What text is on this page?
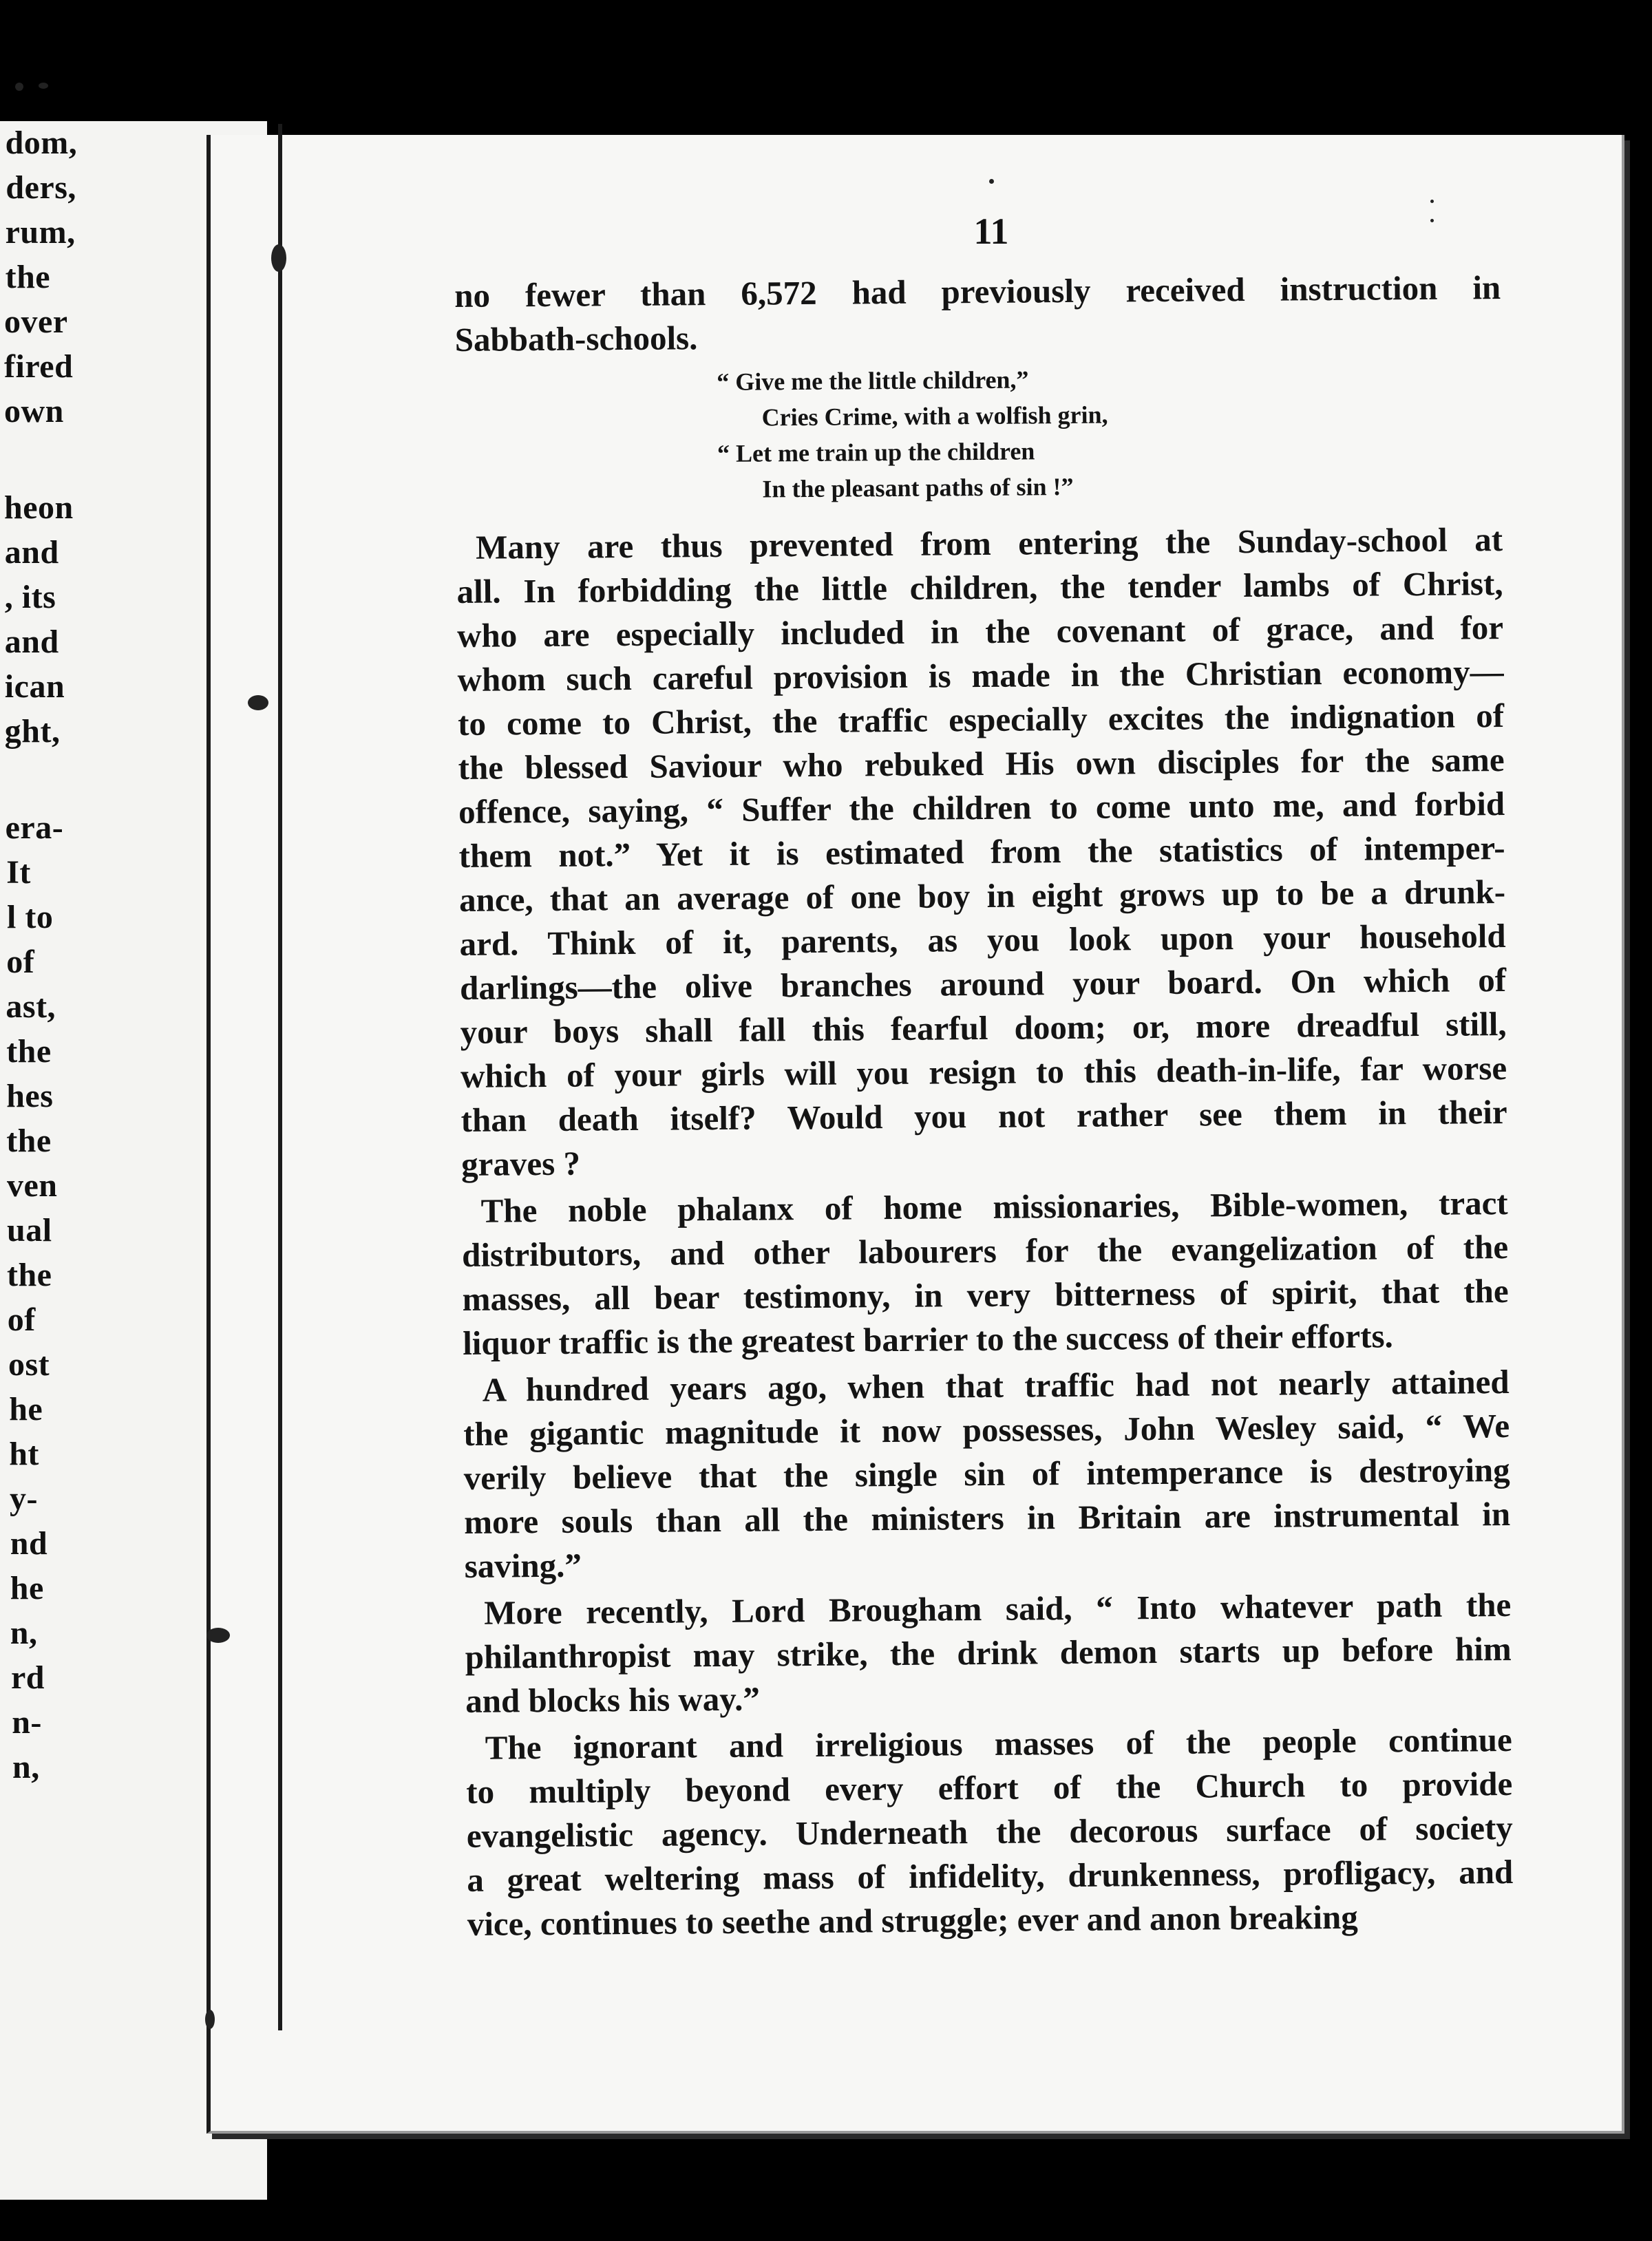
dom,
ders,
rum,
the
over
fired
own
heon
and
, its
and
ican
ght,
era-
It
l to
of
ast,
the
hes
the
ven
ual
the
of
ost
he
ht
y-
nd
he
n,
rd
n-
n,
11
no fewer than 6,572 had previously received instruction in
Sabbath-schools.
“ Give me the little children,”
Cries Crime, with a wolfish grin,
“ Let me train up the children
In the pleasant paths of sin !”
Many are thus prevented from entering the Sunday-school at
all. In forbidding the little children, the tender lambs of Christ,
who are especially included in the covenant of grace, and for
whom such careful provision is made in the Christian economy—
to come to Christ, the traffic especially excites the indignation of
the blessed Saviour who rebuked His own disciples for the same
offence, saying, “ Suffer the children to come unto me, and forbid
them not.” Yet it is estimated from the statistics of intemper-
ance, that an average of one boy in eight grows up to be a drunk-
ard. Think of it, parents, as you look upon your household
darlings—the olive branches around your board. On which of
your boys shall fall this fearful doom; or, more dreadful still,
which of your girls will you resign to this death-in-life, far worse
than death itself? Would you not rather see them in their
graves ?
The noble phalanx of home missionaries, Bible-women, tract
distributors, and other labourers for the evangelization of the
masses, all bear testimony, in very bitterness of spirit, that the
liquor traffic is the greatest barrier to the success of their efforts.
A hundred years ago, when that traffic had not nearly attained
the gigantic magnitude it now possesses, John Wesley said, “ We
verily believe that the single sin of intemperance is destroying
more souls than all the ministers in Britain are instrumental in
saving.”
More recently, Lord Brougham said, “ Into whatever path the
philanthropist may strike, the drink demon starts up before him
and blocks his way.”
The ignorant and irreligious masses of the people continue
to multiply beyond every effort of the Church to provide
evangelistic agency. Underneath the decorous surface of society
a great weltering mass of infidelity, drunkenness, profligacy, and
vice, continues to seethe and struggle; ever and anon breaking
